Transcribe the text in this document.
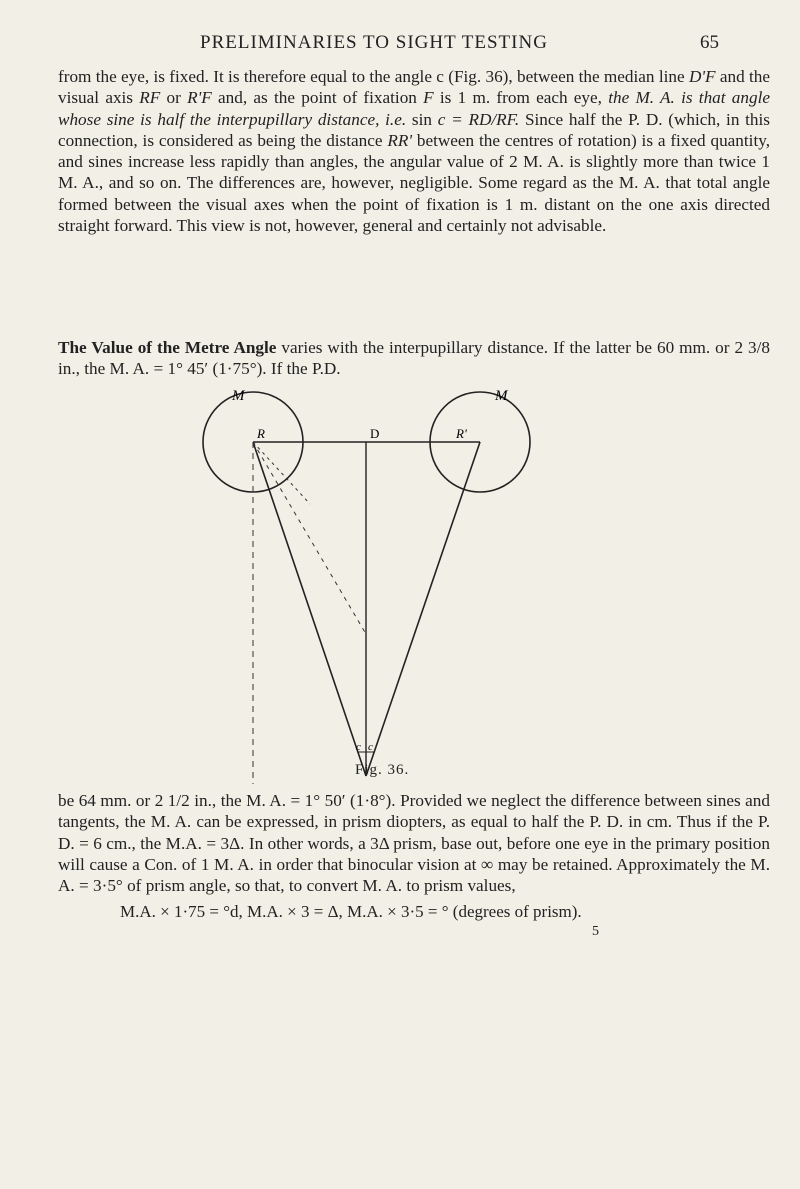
PRELIMINARIES TO SIGHT TESTING	65

from the eye, is fixed. It is therefore equal to the angle c (Fig. 36), between the median line D'F and the visual axis RF or R'F and, as the point of fixation F is 1 m. from each eye, the M. A. is that angle whose sine is half the interpupillary distance, i.e. sin c = RD/RF. Since half the P. D. (which, in this connection, is considered as being the distance RR' between the centres of rotation) is a fixed quantity, and sines increase less rapidly than angles, the angular value of 2 M. A. is slightly more than twice 1 M. A., and so on. The differences are, however, negligible. Some regard as the M. A. that total angle formed between the visual axes when the point of fixation is 1 m. distant on the one axis directed straight forward. This view is not, however, general and certainly not advisable.

The Value of the Metre Angle varies with the interpupillary distance. If the latter be 60 mm. or 2 3/8 in., the M. A. = 1° 45′ (1·75°). If the P.D.

M	M
R	R'
D
c c
Fig. 36.

be 64 mm. or 2 1/2 in., the M. A. = 1° 50′ (1·8°). Provided we neglect the difference between sines and tangents, the M. A. can be expressed, in prism diopters, as equal to half the P. D. in cm. Thus if the P. D. = 6 cm., the M.A. = 3Δ. In other words, a 3Δ prism, base out, before one eye in the primary position will cause a Con. of 1 M. A. in order that binocular vision at ∞ may be retained. Approximately the M. A. = 3·5° of prism angle, so that, to convert M. A. to prism values,

M.A. × 1·75 = °d, M.A. × 3 = Δ, M.A. × 3·5 = ° (degrees of prism).
5
